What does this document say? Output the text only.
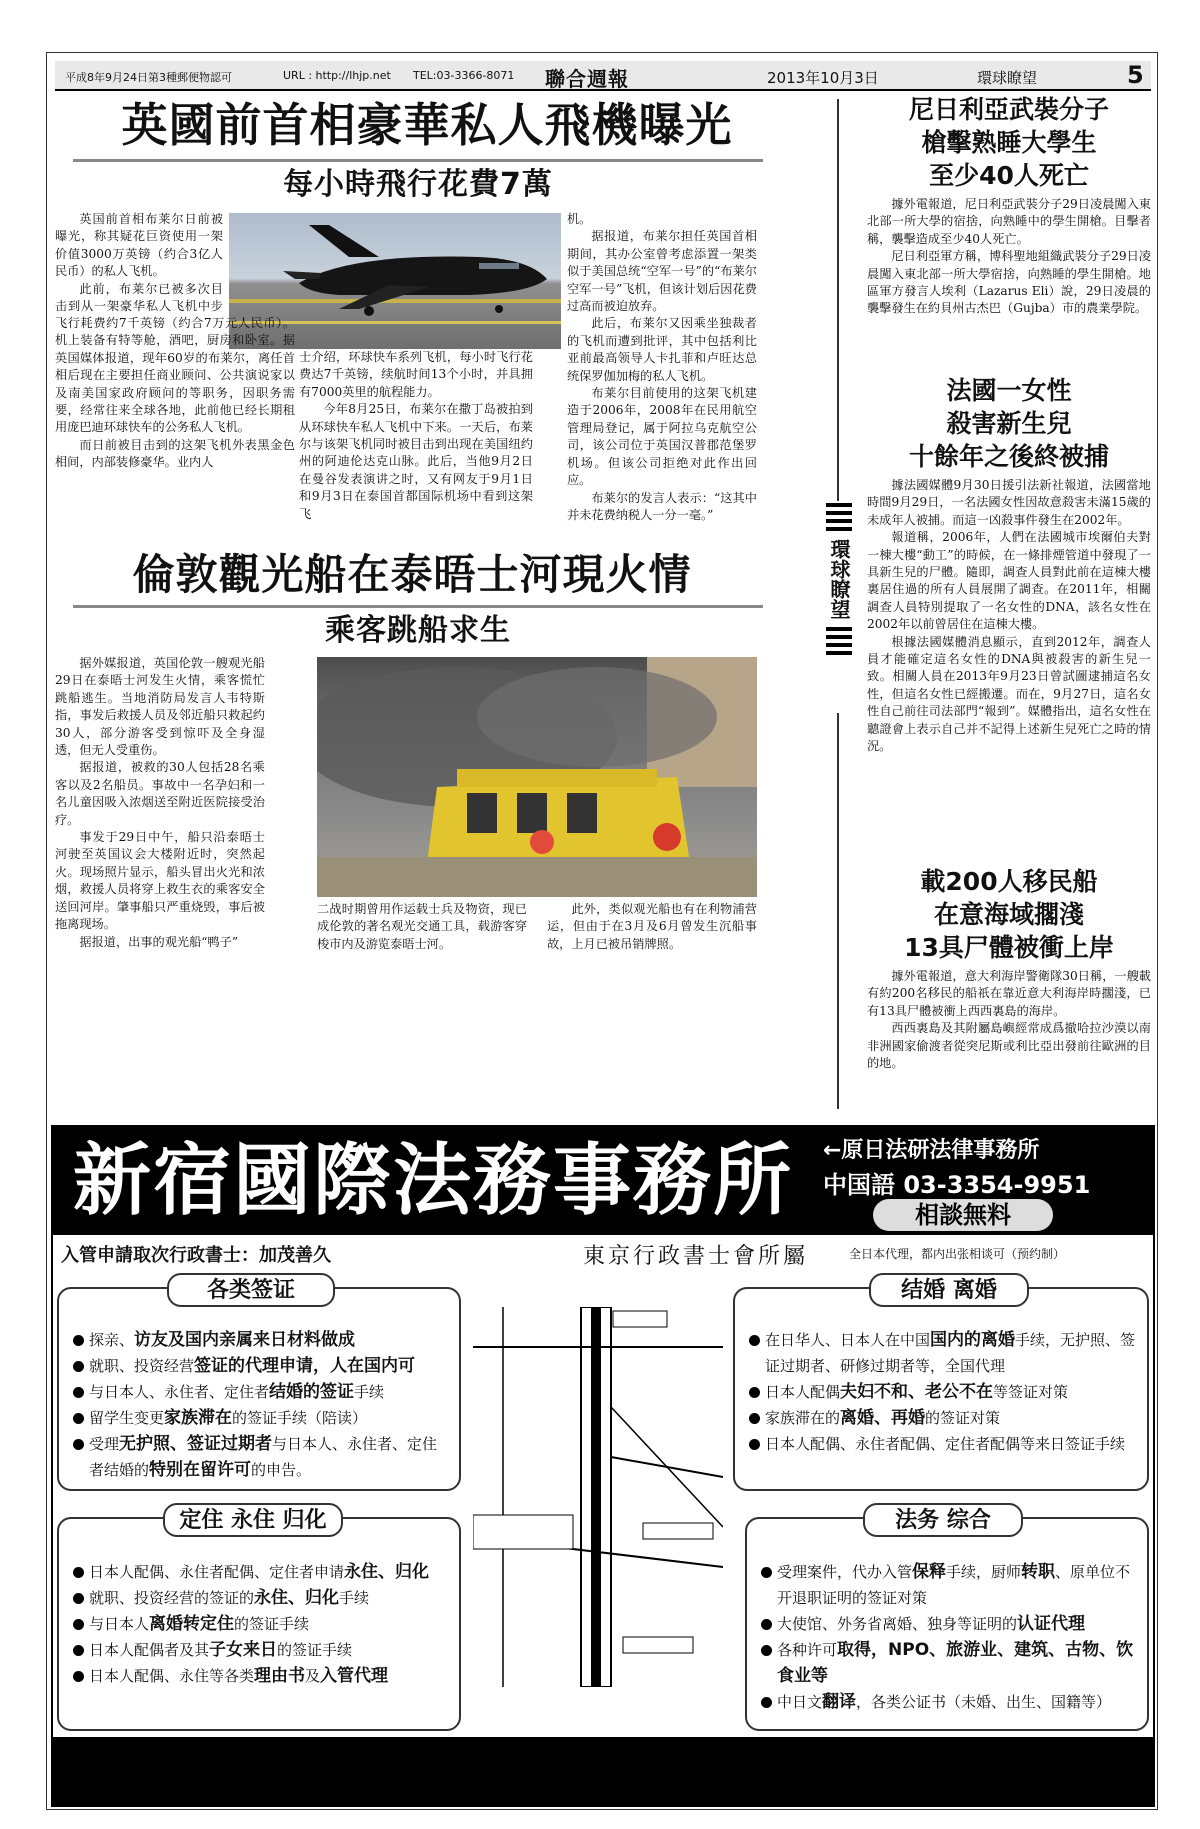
平成8年9月24日第3種郵便物認可	URL : http://lhjp.net TEL:03-3366-8071 聯合週報	2013年10月3日	環球瞭望	5
英國前首相豪華私人飛機曝光
每小時飛行花費7萬

英国前首相布莱尔日前被曝光，称其疑花巨资使用一架价值3000万英镑（约合3亿人民币）的私人飞机。

此前，布莱尔已被多次目击到从一架豪华私人飞机中步

飞行耗费约7千英镑（约合7万元人民币）。机上装备有特等舱，酒吧，厨房和卧室。据英国媒体报道，现年60岁的布莱尔，离任首相后现在主要担任商业顾问、公共演说家以及南美国家政府顾问的等职务，因职务需要，经常往来全球各地，此前他已经长期租用庞巴迪环球快车的公务私人飞机。

而日前被目击到的这架飞机外表黑金色相间，内部装修豪华。业内人

士介绍，环球快车系列飞机，每小时飞行花费达7千英镑，续航时间13个小时，并具拥有7000英里的航程能力。

今年8月25日，布莱尔在撒丁岛被拍到从环球快车私人飞机中下来。一天后，布莱尔与该架飞机同时被目击到出现在美国纽约州的阿迪伦达克山脉。此后，当他9月2日在曼谷发表演讲之时，又有网友于9月1日和9月3日在泰国首都国际机场中看到这架飞

机。

据报道，布莱尔担任英国首相期间，其办公室曾考虑添置一架类似于美国总统“空军一号”的“布莱尔空军一号”飞机，但该计划后因花费过高而被迫放弃。

此后，布莱尔又因乘坐独裁者的飞机而遭到批评，其中包括利比亚前最高领导人卡扎菲和卢旺达总统保罗伽加梅的私人飞机。

布莱尔目前使用的这架飞机建造于2006年，2008年在民用航空管理局登记，属于阿拉乌克航空公司，该公司位于英国汉普郡范堡罗机场。但该公司拒绝对此作出回应。

布莱尔的发言人表示：“这其中并未花费纳税人一分一毫。”

倫敦觀光船在泰晤士河現火情
乘客跳船求生

据外媒报道，英国伦敦一艘观光船29日在泰晤士河发生火情，乘客慌忙跳船逃生。当地消防局发言人韦特斯指，事发后救援人员及邻近船只救起约30人，部分游客受到惊吓及全身湿透，但无人受重伤。

据报道，被救的30人包括28名乘客以及2名船员。事故中一名孕妇和一名儿童因吸入浓烟送至附近医院接受治疗。

事发于29日中午，船只沿泰晤士河驶至英国议会大楼附近时，突然起火。现场照片显示，船头冒出火光和浓烟，救援人员将穿上救生衣的乘客安全送回河岸。肇事船只严重烧毁，事后被拖离现场。

据报道，出事的观光船“鸭子”

二战时期曾用作运载士兵及物资，现已成伦敦的著名观光交通工具，载游客穿梭市内及游览泰晤士河。

此外，类似观光船也有在利物浦营运，但由于在3月及6月曾发生沉船事故，上月已被吊销牌照。

環球瞭望
尼日利亞武裝分子
槍擊熟睡大學生
至少40人死亡

據外電報道，尼日利亞武裝分子29日凌晨闖入東北部一所大學的宿捨，向熟睡中的學生開槍。目擊者稱，襲擊造成至少40人死亡。

尼日利亞軍方稱，博科聖地組織武裝分子29日凌晨闖入東北部一所大學宿捨，向熟睡的學生開槍。地區軍方發言人埃利（Lazarus Eli）說，29日凌晨的襲擊發生在約貝州古杰巴（Gujba）市的農業學院。

法國一女性
殺害新生兒
十餘年之後終被捕

據法國媒體9月30日援引法新社報道，法國當地時間9月29日，一名法國女性因故意殺害未滿15歲的未成年人被捕。而這一凶殺事件發生在2002年。

報道稱，2006年，人們在法國城市埃爾伯夫對一棟大樓“動工”的時候，在一條排煙管道中發現了一具新生兒的尸體。隨即，調查人員對此前在這棟大樓裏居住過的所有人員展開了調查。在2011年，相關調查人員特別提取了一名女性的DNA，該名女性在2002年以前曾居住在這棟大樓。

根據法國媒體消息顯示，直到2012年，調查人員才能確定這名女性的DNA與被殺害的新生兒一致。相關人員在2013年9月23日曾試圖逮捕這名女性，但這名女性已經搬遷。而在，9月27日，這名女性自己前往司法部門“報到”。媒體指出，這名女性在聽證會上表示自己并不記得上述新生兒死亡之時的情況。

載200人移民船
在意海域擱淺
13具尸體被衝上岸

據外電報道，意大利海岸警衛隊30日稱，一艘載有約200名移民的船祇在靠近意大利海岸時擱淺，已有13具尸體被衝上西西裏島的海岸。

西西裏島及其附屬島嶼經常成爲撤哈拉沙漠以南非洲國家偷渡者從突尼斯或利比亞出發前往歐洲的目的地。

新宿國際法務事務所	←原日法研法律事務所
中国語 03-3354-9951
相談無料
入管申請取次行政書士：加茂善久	東京行政書士會所屬	全日本代理，都内出张相谈可（预约制）
探亲、访友及国内亲属来日材料做成
就职、投资经营签证的代理申请，人在国内可
与日本人、永住者、定住者结婚的签证手续
留学生变更家族滞在的签证手续（陪读）
受理无护照、签证过期者与日本人、永住者、定住者结婚的特别在留许可的申告。
各类签证
在日华人、日本人在中国国内的离婚手续，无护照、签证过期者、研修过期者等，全国代理
日本人配偶夫妇不和、老公不在等签证对策
家族滞在的离婚、再婚的签证对策
日本人配偶、永住者配偶、定住者配偶等来日签证手续
结婚 离婚
日本人配偶、永住者配偶、定住者申请永住、归化
就职、投资经营的签证的永住、归化手续
与日本人离婚转定住的签证手续
日本人配偶者及其子女来日的签证手续
日本人配偶、永住等各类理由书及入管代理
定住 永住 归化
受理案件，代办入管保释手续，厨师转职、原单位不开退职证明的签证对策
大使馆、外务省离婚、独身等证明的认证代理
各种许可取得，NPO、旅游业、建筑、古物、饮食业等
中日文翻译，各类公证书（未婚、出生、国籍等）
法务 综合
